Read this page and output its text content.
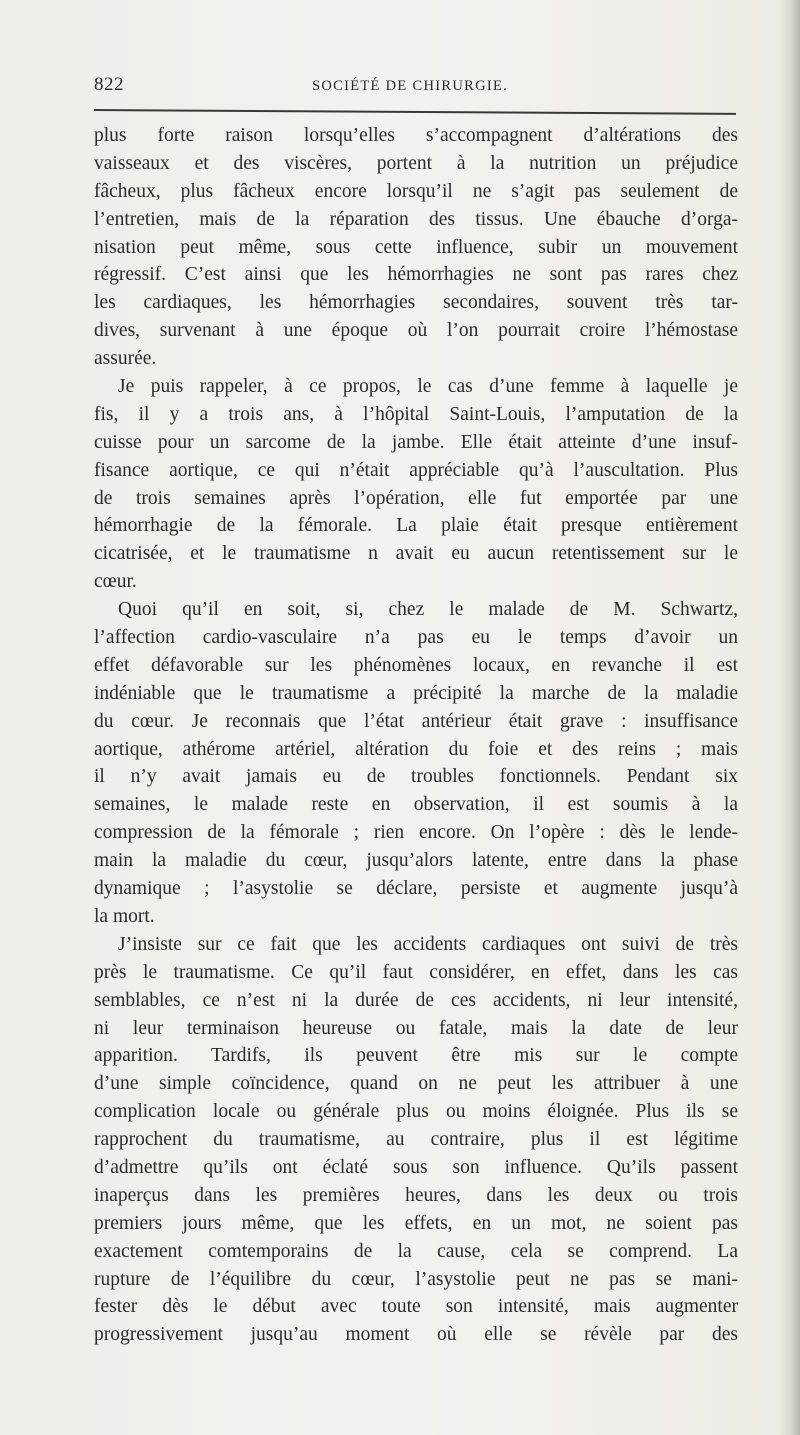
822	SOCIÉTÉ DE CHIRURGIE.
plus forte raison lorsqu’elles s’accompagnent d’altérations des
vaisseaux et des viscères, portent à la nutrition un préjudice
fâcheux, plus fâcheux encore lorsqu’il ne s’agit pas seulement de
l’entretien, mais de la réparation des tissus. Une ébauche d’orga-
nisation peut même, sous cette influence, subir un mouvement
régressif. C’est ainsi que les hémorrhagies ne sont pas rares chez
les cardiaques, les hémorrhagies secondaires, souvent très tar-
dives, survenant à une époque où l’on pourrait croire l’hémostase
assurée.
Je puis rappeler, à ce propos, le cas d’une femme à laquelle je
fis, il y a trois ans, à l’hôpital Saint-Louis, l’amputation de la
cuisse pour un sarcome de la jambe. Elle était atteinte d’une insuf-
fisance aortique, ce qui n’était appréciable qu’à l’auscultation. Plus
de trois semaines après l’opération, elle fut emportée par une
hémorrhagie de la fémorale. La plaie était presque entièrement
cicatrisée, et le traumatisme n avait eu aucun retentissement sur le
cœur.
Quoi qu’il en soit, si, chez le malade de M. Schwartz,
l’affection cardio-vasculaire n’a pas eu le temps d’avoir un
effet défavorable sur les phénomènes locaux, en revanche il est
indéniable que le traumatisme a précipité la marche de la maladie
du cœur. Je reconnais que l’état antérieur était grave : insuffisance
aortique, athérome artériel, altération du foie et des reins ; mais
il n’y avait jamais eu de troubles fonctionnels. Pendant six
semaines, le malade reste en observation, il est soumis à la
compression de la fémorale ; rien encore. On l’opère : dès le lende-
main la maladie du cœur, jusqu’alors latente, entre dans la phase
dynamique ; l’asystolie se déclare, persiste et augmente jusqu’à
la mort.
J’insiste sur ce fait que les accidents cardiaques ont suivi de très
près le traumatisme. Ce qu’il faut considérer, en effet, dans les cas
semblables, ce n’est ni la durée de ces accidents, ni leur intensité,
ni leur terminaison heureuse ou fatale, mais la date de leur
apparition. Tardifs, ils peuvent être mis sur le compte
d’une simple coïncidence, quand on ne peut les attribuer à une
complication locale ou générale plus ou moins éloignée. Plus ils se
rapprochent du traumatisme, au contraire, plus il est légitime
d’admettre qu’ils ont éclaté sous son influence. Qu’ils passent
inaperçus dans les premières heures, dans les deux ou trois
premiers jours même, que les effets, en un mot, ne soient pas
exactement comtemporains de la cause, cela se comprend. La
rupture de l’équilibre du cœur, l’asystolie peut ne pas se mani-
fester dès le début avec toute son intensité, mais augmenter
progressivement jusqu’au moment où elle se révèle par des
